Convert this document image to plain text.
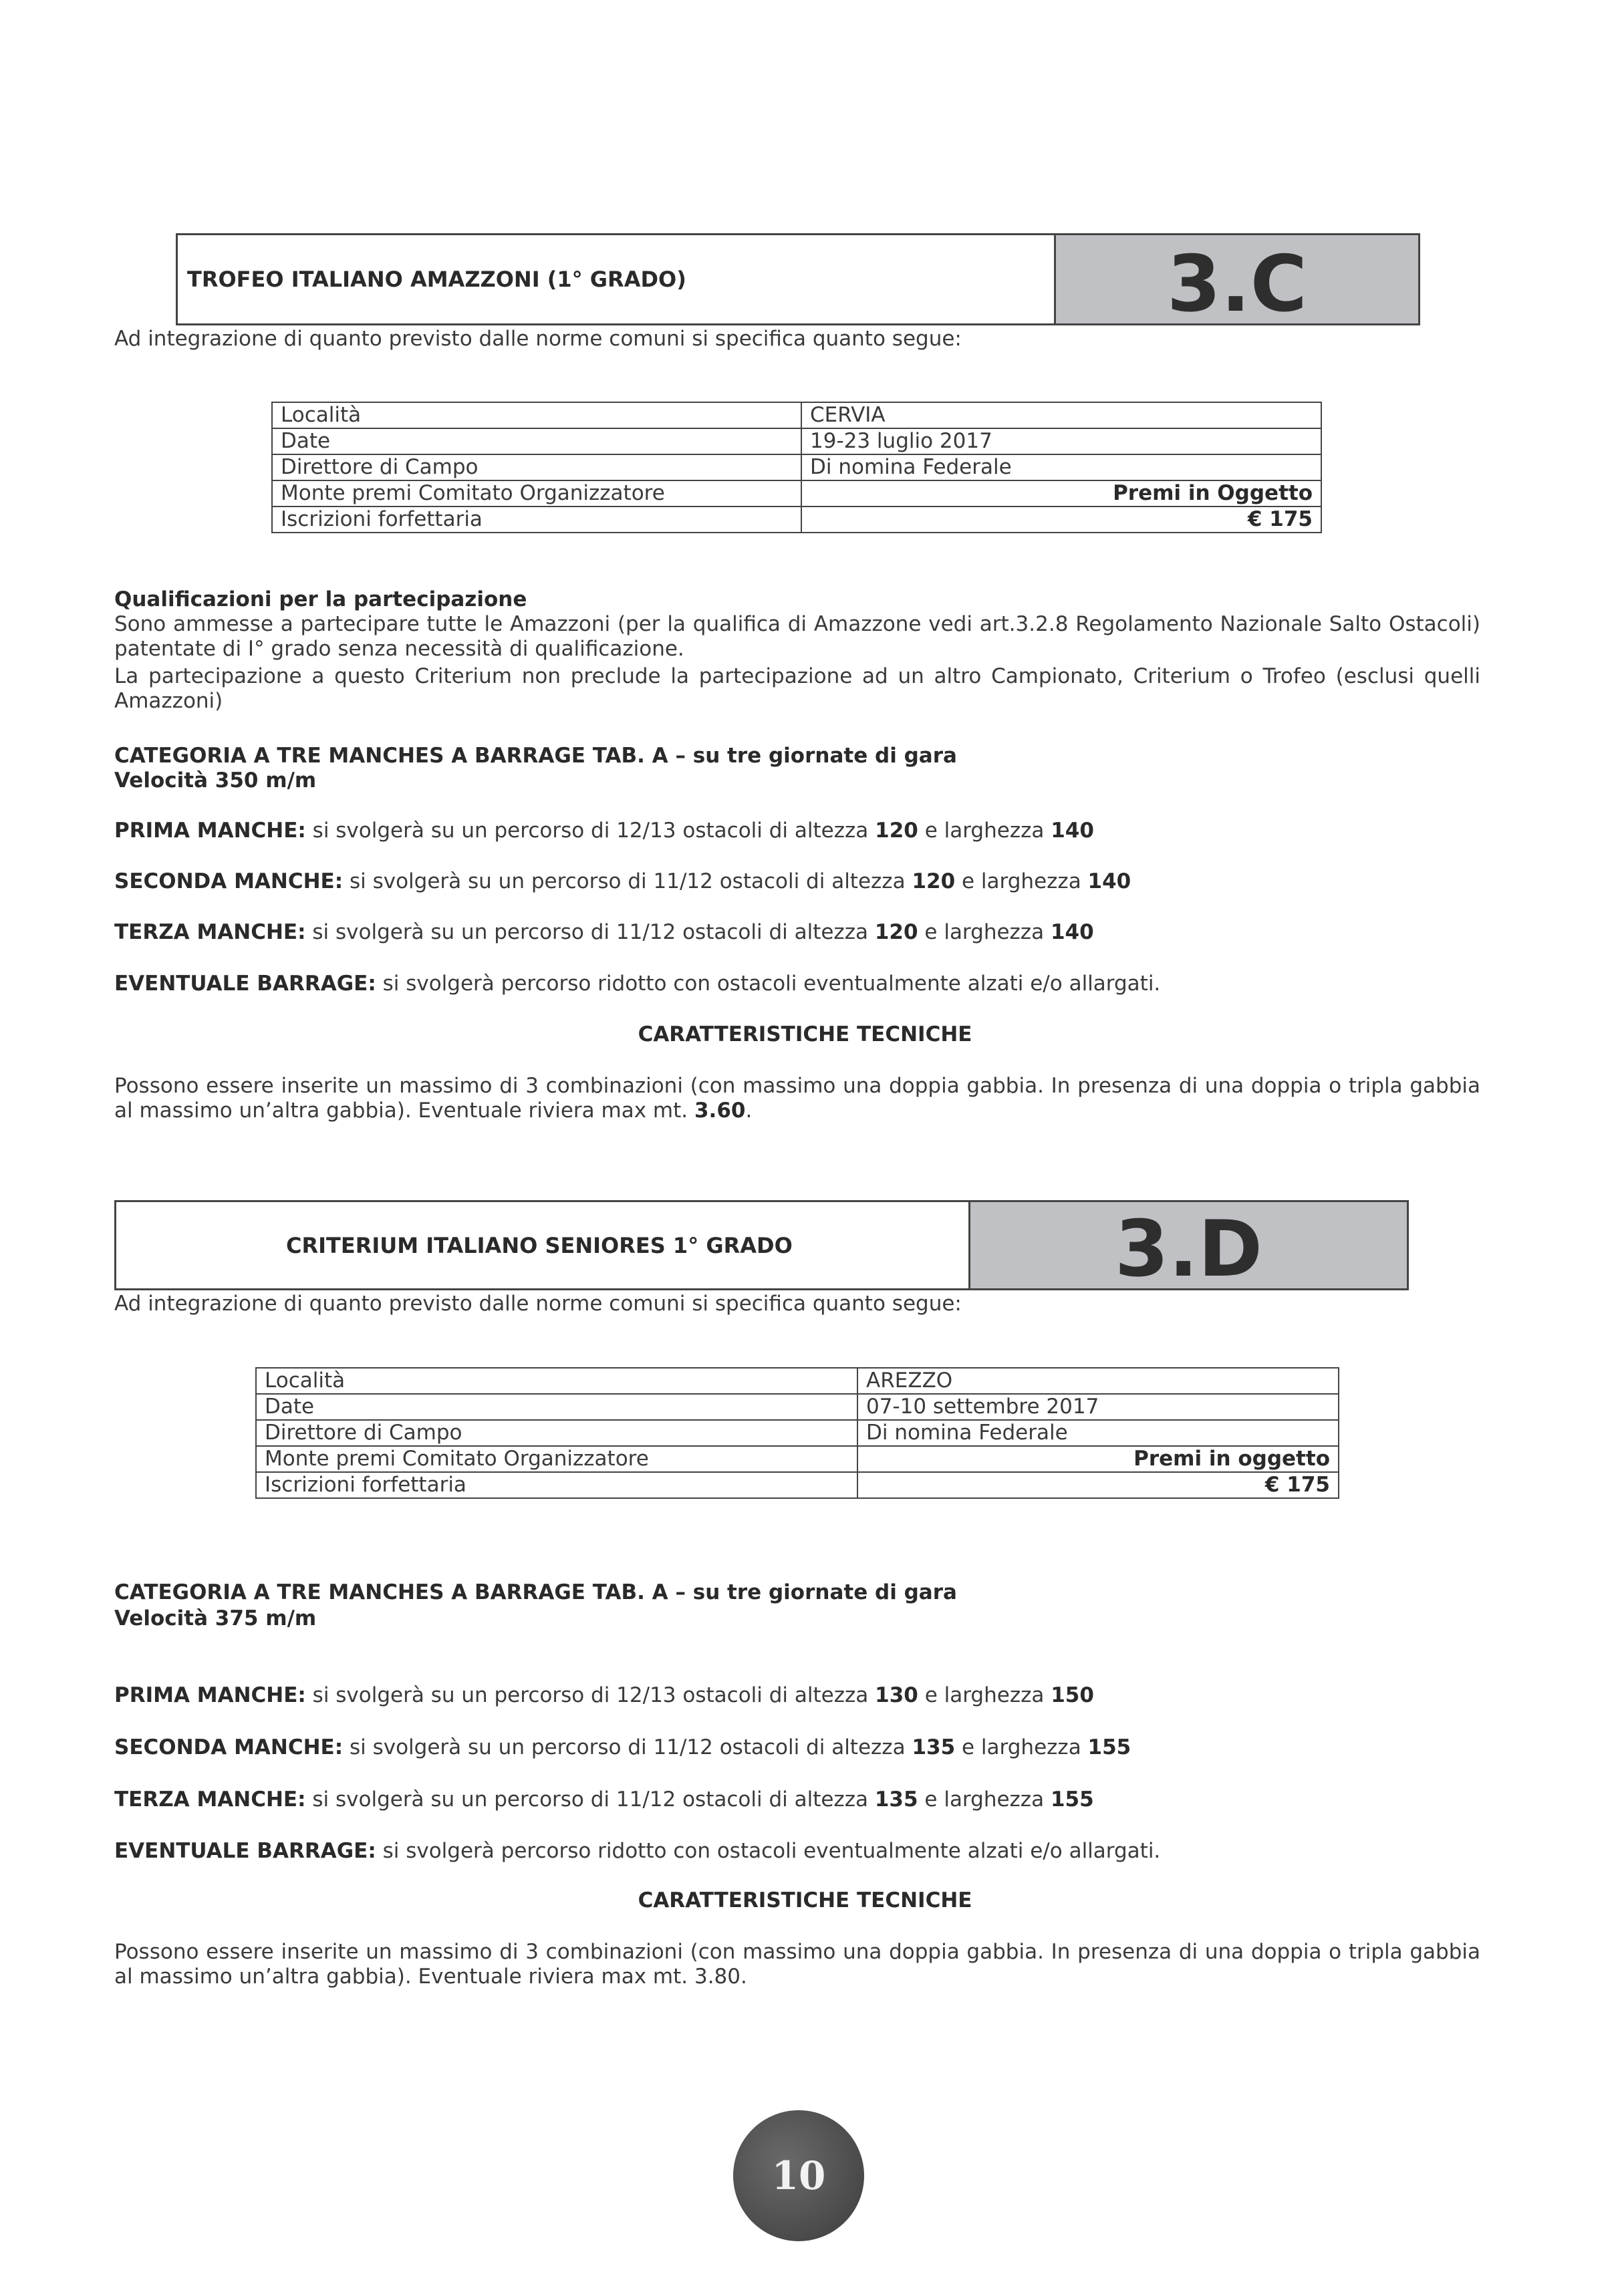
TROFEO ITALIANO AMAZZONI (1° GRADO)	3.C
Ad integrazione di quanto previsto dalle norme comuni si specifica quanto segue:
Località	CERVIA
Date	19-23 luglio 2017
Direttore di Campo	Di nomina Federale
Monte premi Comitato Organizzatore	Premi in Oggetto
Iscrizioni forfettaria	€ 175
Qualificazioni per la partecipazione
Sono ammesse a partecipare tutte le Amazzoni (per la qualifica di Amazzone vedi art.3.2.8 Regolamento Nazionale Salto Ostacoli) patentate di I° grado senza necessità di qualificazione.
La partecipazione a questo Criterium non preclude la partecipazione ad un altro Campionato, Criterium o Trofeo (esclusi quelli Amazzoni)
CATEGORIA A TRE MANCHES A BARRAGE TAB. A – su tre giornate di gara
Velocità 350 m/m
PRIMA MANCHE: si svolgerà su un percorso di 12/13 ostacoli di altezza 120 e larghezza 140
SECONDA MANCHE: si svolgerà su un percorso di 11/12 ostacoli di altezza 120 e larghezza 140
TERZA MANCHE: si svolgerà su un percorso di 11/12 ostacoli di altezza 120 e larghezza 140
EVENTUALE BARRAGE: si svolgerà percorso ridotto con ostacoli eventualmente alzati e/o allargati.
CARATTERISTICHE TECNICHE
Possono essere inserite un massimo di 3 combinazioni (con massimo una doppia gabbia. In presenza di una doppia o tripla gabbia al massimo un’altra gabbia). Eventuale riviera max mt. 3.60.
CRITERIUM ITALIANO SENIORES 1° GRADO	3.D
Ad integrazione di quanto previsto dalle norme comuni si specifica quanto segue:
Località	AREZZO
Date	07-10 settembre 2017
Direttore di Campo	Di nomina Federale
Monte premi Comitato Organizzatore	Premi in oggetto
Iscrizioni forfettaria	€ 175
CATEGORIA A TRE MANCHES A BARRAGE TAB. A – su tre giornate di gara
Velocità 375 m/m
PRIMA MANCHE: si svolgerà su un percorso di 12/13 ostacoli di altezza 130 e larghezza 150
SECONDA MANCHE: si svolgerà su un percorso di 11/12 ostacoli di altezza 135 e larghezza 155
TERZA MANCHE: si svolgerà su un percorso di 11/12 ostacoli di altezza 135 e larghezza 155
EVENTUALE BARRAGE: si svolgerà percorso ridotto con ostacoli eventualmente alzati e/o allargati.
CARATTERISTICHE TECNICHE
Possono essere inserite un massimo di 3 combinazioni (con massimo una doppia gabbia. In presenza di una doppia o tripla gabbia al massimo un’altra gabbia). Eventuale riviera max mt. 3.80.
10
